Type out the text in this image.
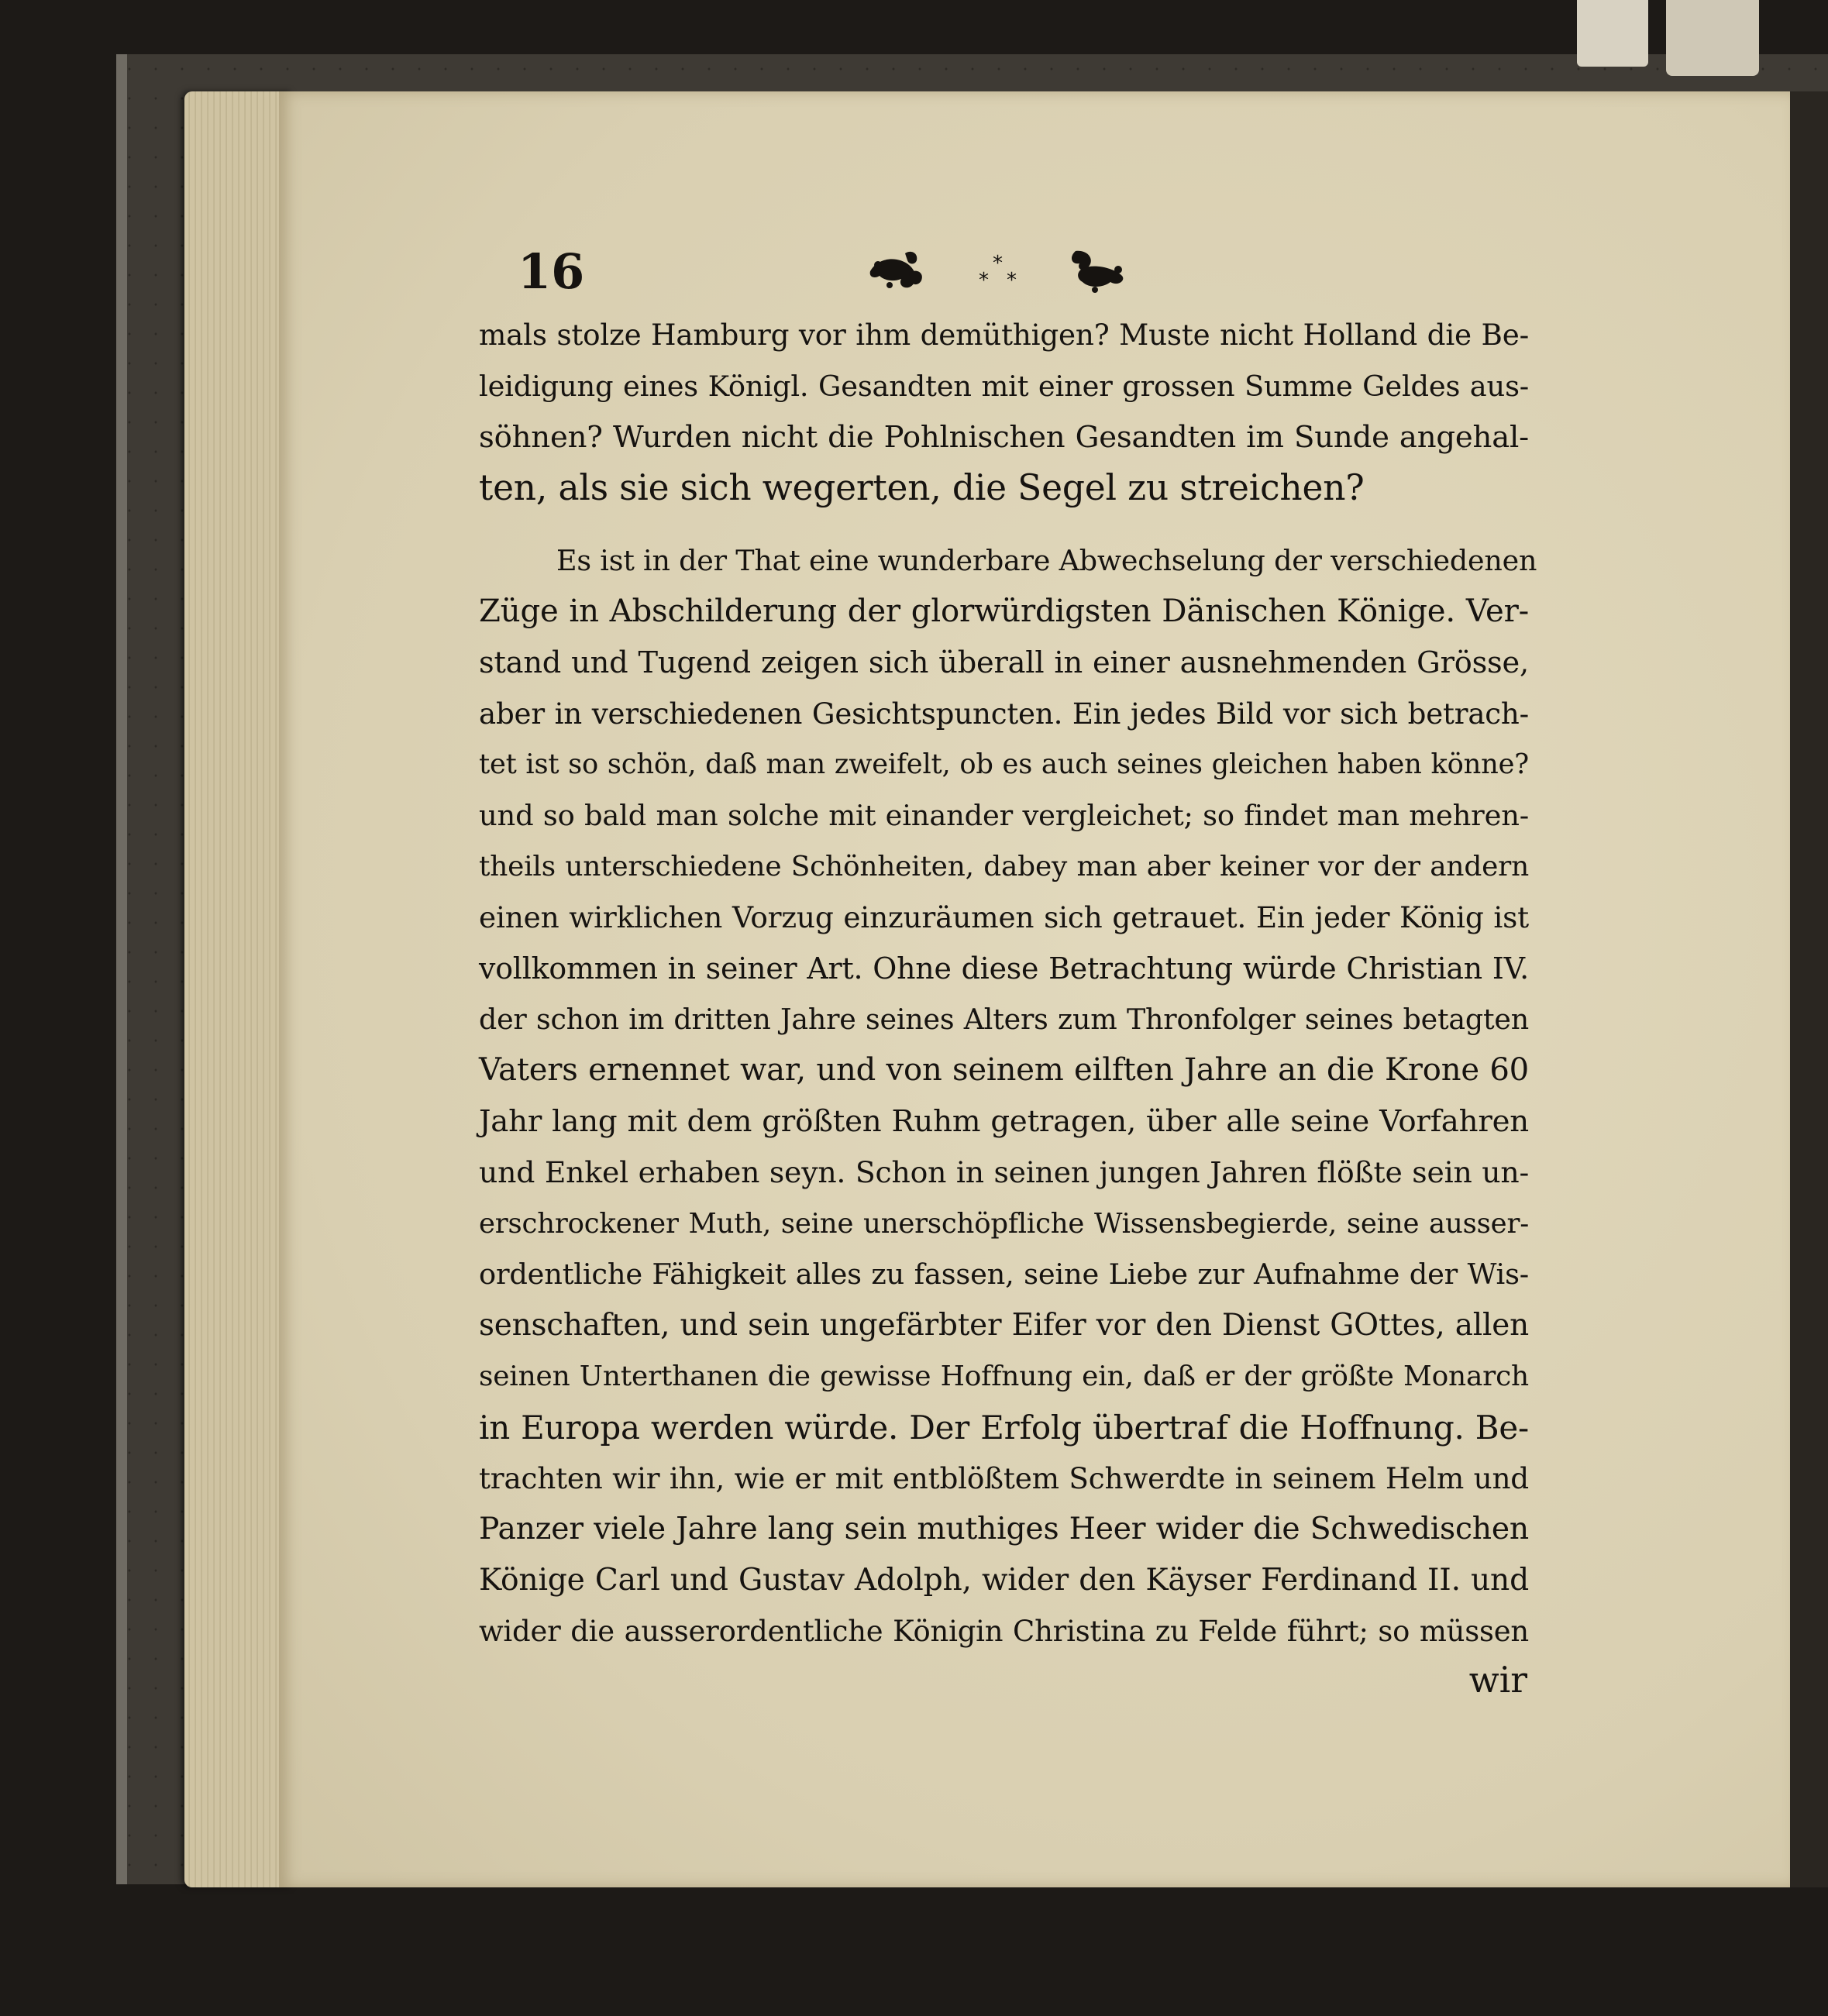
16	*
*
*

mals stolze Hamburg vor ihm demüthigen? Muste nicht Holland die Be-
leidigung eines Königl. Gesandten mit einer grossen Summe Geldes aus-
söhnen? Wurden nicht die Pohlnischen Gesandten im Sunde angehal-
ten, als sie sich wegerten, die Segel zu streichen?

Es ist in der That eine wunderbare Abwechselung der verschiedenen
Züge in Abschilderung der glorwürdigsten Dänischen Könige. Ver-
stand und Tugend zeigen sich überall in einer ausnehmenden Grösse,
aber in verschiedenen Gesichtspuncten. Ein jedes Bild vor sich betrach-
tet ist so schön, daß man zweifelt, ob es auch seines gleichen haben könne?
und so bald man solche mit einander vergleichet; so findet man mehren-
theils unterschiedene Schönheiten, dabey man aber keiner vor der andern
einen wirklichen Vorzug einzuräumen sich getrauet. Ein jeder König ist
vollkommen in seiner Art. Ohne diese Betrachtung würde Christian IV.
der schon im dritten Jahre seines Alters zum Thronfolger seines betagten
Vaters ernennet war, und von seinem eilften Jahre an die Krone 60
Jahr lang mit dem größten Ruhm getragen, über alle seine Vorfahren
und Enkel erhaben seyn. Schon in seinen jungen Jahren flößte sein un-
erschrockener Muth, seine unerschöpfliche Wissensbegierde, seine ausser-
ordentliche Fähigkeit alles zu fassen, seine Liebe zur Aufnahme der Wis-
senschaften, und sein ungefärbter Eifer vor den Dienst GOttes, allen
seinen Unterthanen die gewisse Hoffnung ein, daß er der größte Monarch
in Europa werden würde. Der Erfolg übertraf die Hoffnung. Be-
trachten wir ihn, wie er mit entblößtem Schwerdte in seinem Helm und
Panzer viele Jahre lang sein muthiges Heer wider die Schwedischen
Könige Carl und Gustav Adolph, wider den Käyser Ferdinand II. und
wider die ausserordentliche Königin Christina zu Felde führt; so müssen

wir
